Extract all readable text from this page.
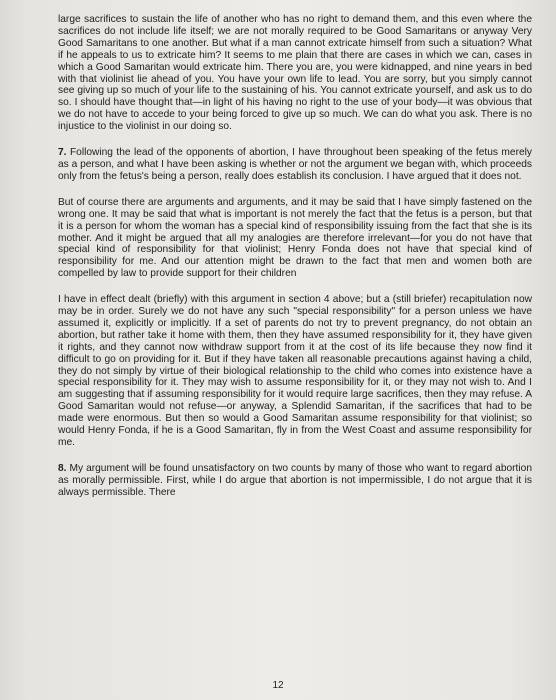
large sacrifices to sustain the life of another who has no right to demand them, and this even where the sacrifices do not include life itself; we are not morally required to be Good Samaritans or anyway Very Good Samaritans to one another. But what if a man cannot extricate himself from such a situation? What if he appeals to us to extricate him? It seems to me plain that there are cases in which we can, cases in which a Good Samaritan would extricate him. There you are, you were kidnapped, and nine years in bed with that violinist lie ahead of you. You have your own life to lead. You are sorry, but you simply cannot see giving up so much of your life to the sustaining of his. You cannot extricate yourself, and ask us to do so. I should have thought that—in light of his having no right to the use of your body—it was obvious that we do not have to accede to your being forced to give up so much. We can do what you ask. There is no injustice to the violinist in our doing so.

7. Following the lead of the opponents of abortion, I have throughout been speaking of the fetus merely as a person, and what I have been asking is whether or not the argument we began with, which proceeds only from the fetus's being a person, really does establish its conclusion. I have argued that it does not.

But of course there are arguments and arguments, and it may be said that I have simply fastened on the wrong one. It may be said that what is important is not merely the fact that the fetus is a person, but that it is a person for whom the woman has a special kind of responsibility issuing from the fact that she is its mother. And it might be argued that all my analogies are therefore irrelevant—for you do not have that special kind of responsibility for that violinist; Henry Fonda does not have that special kind of responsibility for me. And our attention might be drawn to the fact that men and women both are compelled by law to provide support for their children

I have in effect dealt (briefly) with this argument in section 4 above; but a (still briefer) recapitulation now may be in order. Surely we do not have any such "special responsibility" for a person unless we have assumed it, explicitly or implicitly. If a set of parents do not try to prevent pregnancy, do not obtain an abortion, but rather take it home with them, then they have assumed responsibility for it, they have given it rights, and they cannot now withdraw support from it at the cost of its life because they now find it difficult to go on providing for it. But if they have taken all reasonable precautions against having a child, they do not simply by virtue of their biological relationship to the child who comes into existence have a special responsibility for it. They may wish to assume responsibility for it, or they may not wish to. And I am suggesting that if assuming responsibility for it would require large sacrifices, then they may refuse. A Good Samaritan would not refuse—or anyway, a Splendid Samaritan, if the sacrifices that had to be made were enormous. But then so would a Good Samaritan assume responsibility for that violinist; so would Henry Fonda, if he is a Good Samaritan, fly in from the West Coast and assume responsibility for me.

8. My argument will be found unsatisfactory on two counts by many of those who want to regard abortion as morally permissible. First, while I do argue that abortion is not impermissible, I do not argue that it is always permissible. There

12
